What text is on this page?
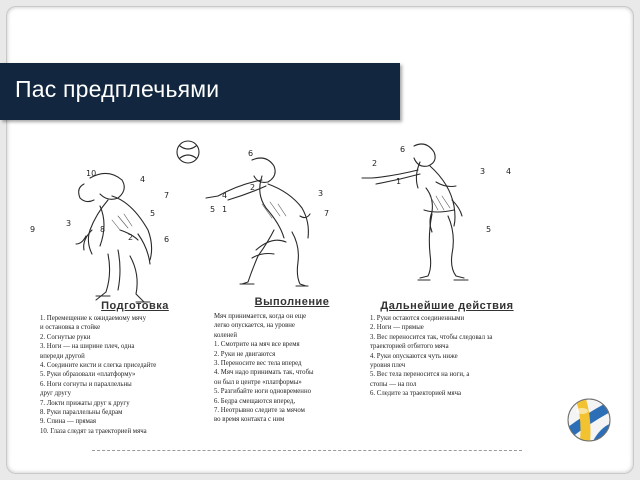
Пас предплечьями
10
9
3
7
6
8
5
4
2
6
4
5 1
2
3
7
6
2
3	4
1
5
Подготовка	Выполнение	Дальнейшие действия
1. Перемещение к ожидаемому мячу
и остановка в стойке
2. Согнутые руки
3. Ноги — на ширине плеч, одна
впереди другой
4. Соедините кисти и слегка приседайте
5. Руки образовали «платформу»
6. Ноги согнуты и параллельны
друг другу
7. Локти прижаты друг к другу
8. Руки параллельны бедрам
9. Спина — прямая
10. Глаза следят за траекторией мяча
Мяч принимается, когда он еще
легко опускается, на уровне
коленей
1. Смотрите на мяч все время
2. Руки не двигаются
3. Переносите вес тела вперед
4. Мяч надо принимать так, чтобы
он был в центре «платформы»
5. Разгибайте ноги одновременно
6. Бедра смещаются вперед,
7. Неотрывно следите за мячом
во время контакта с ним
1. Руки остаются соединенными
2. Ноги — прямые
3. Вес переносится так, чтобы следовал за
траекторией отбитого мяча
4. Руки опускаются чуть ниже
уровня плеч
5. Вес тела переносится на ноги, а
стопы — на пол
6. Следите за траекторией мяча
